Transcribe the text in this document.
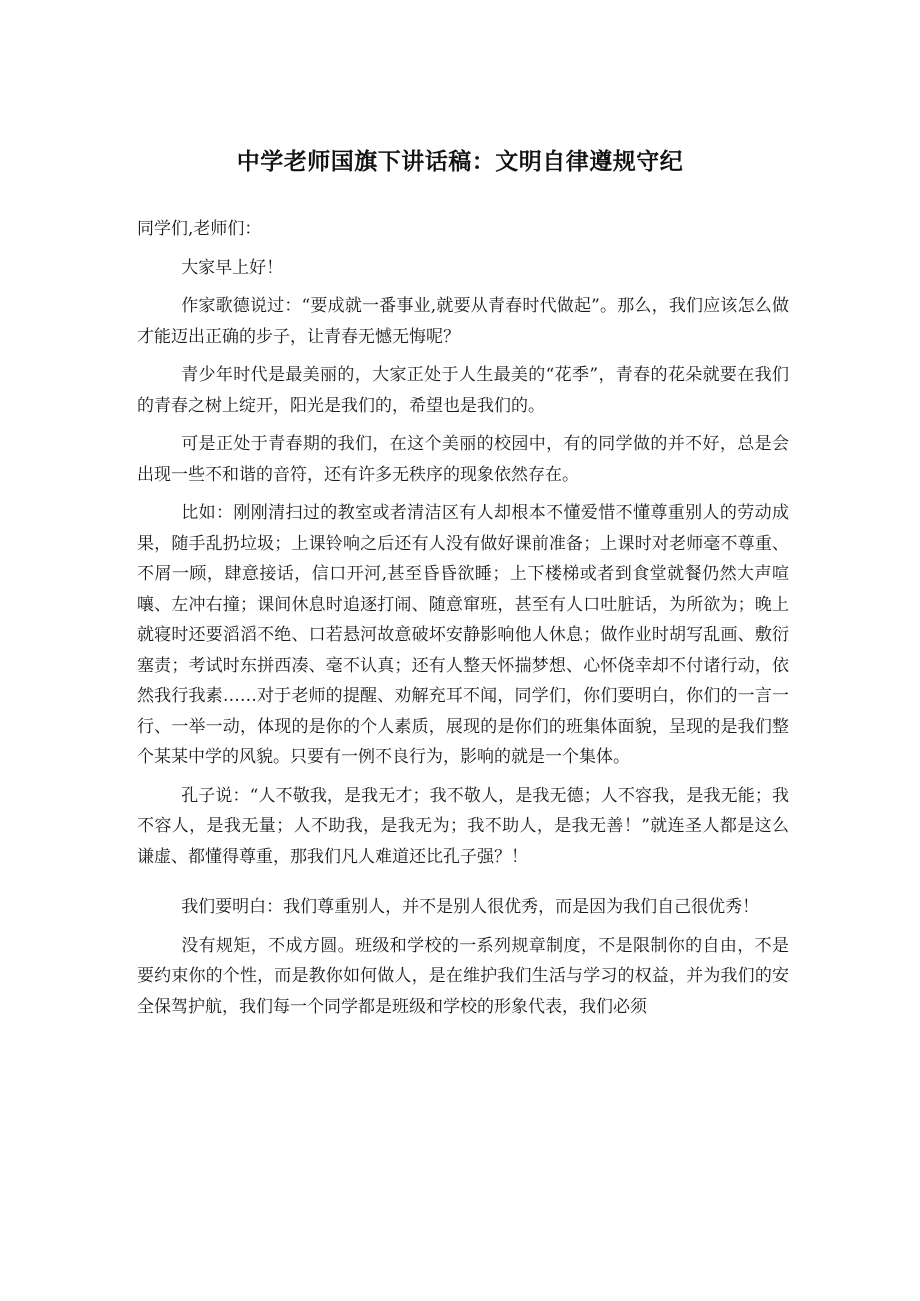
中学老师国旗下讲话稿：文明自律遵规守纪

同学们,老师们：

大家早上好！

作家歌德说过：“要成就一番事业,就要从青春时代做起”。那么，我们应该怎么做才能迈出正确的步子，让青春无憾无悔呢？

青少年时代是最美丽的，大家正处于人生最美的“花季”，青春的花朵就要在我们的青春之树上绽开，阳光是我们的，希望也是我们的。

可是正处于青春期的我们，在这个美丽的校园中，有的同学做的并不好，总是会出现一些不和谐的音符，还有许多无秩序的现象依然存在。

比如：刚刚清扫过的教室或者清洁区有人却根本不懂爱惜不懂尊重别人的劳动成果，随手乱扔垃圾；上课铃响之后还有人没有做好课前准备；上课时对老师毫不尊重、不屑一顾，肆意接话，信口开河,甚至昏昏欲睡；上下楼梯或者到食堂就餐仍然大声喧嚷、左冲右撞；课间休息时追逐打闹、随意窜班，甚至有人口吐脏话，为所欲为；晚上就寝时还要滔滔不绝、口若悬河故意破坏安静影响他人休息；做作业时胡写乱画、敷衍塞责；考试时东拼西凑、毫不认真；还有人整天怀揣梦想、心怀侥幸却不付诸行动，依然我行我素……对于老师的提醒、劝解充耳不闻，同学们，你们要明白，你们的一言一行、一举一动，体现的是你的个人素质，展现的是你们的班集体面貌，呈现的是我们整个某某中学的风貌。只要有一例不良行为，影响的就是一个集体。

孔子说：“人不敬我，是我无才；我不敬人，是我无德；人不容我，是我无能；我不容人，是我无量；人不助我，是我无为；我不助人，是我无善！”就连圣人都是这么谦虚、都懂得尊重，那我们凡人难道还比孔子强？！

我们要明白：我们尊重别人，并不是别人很优秀，而是因为我们自己很优秀！

没有规矩，不成方圆。班级和学校的一系列规章制度，不是限制你的自由，不是要约束你的个性，而是教你如何做人，是在维护我们生活与学习的权益，并为我们的安全保驾护航，我们每一个同学都是班级和学校的形象代表，我们必须
